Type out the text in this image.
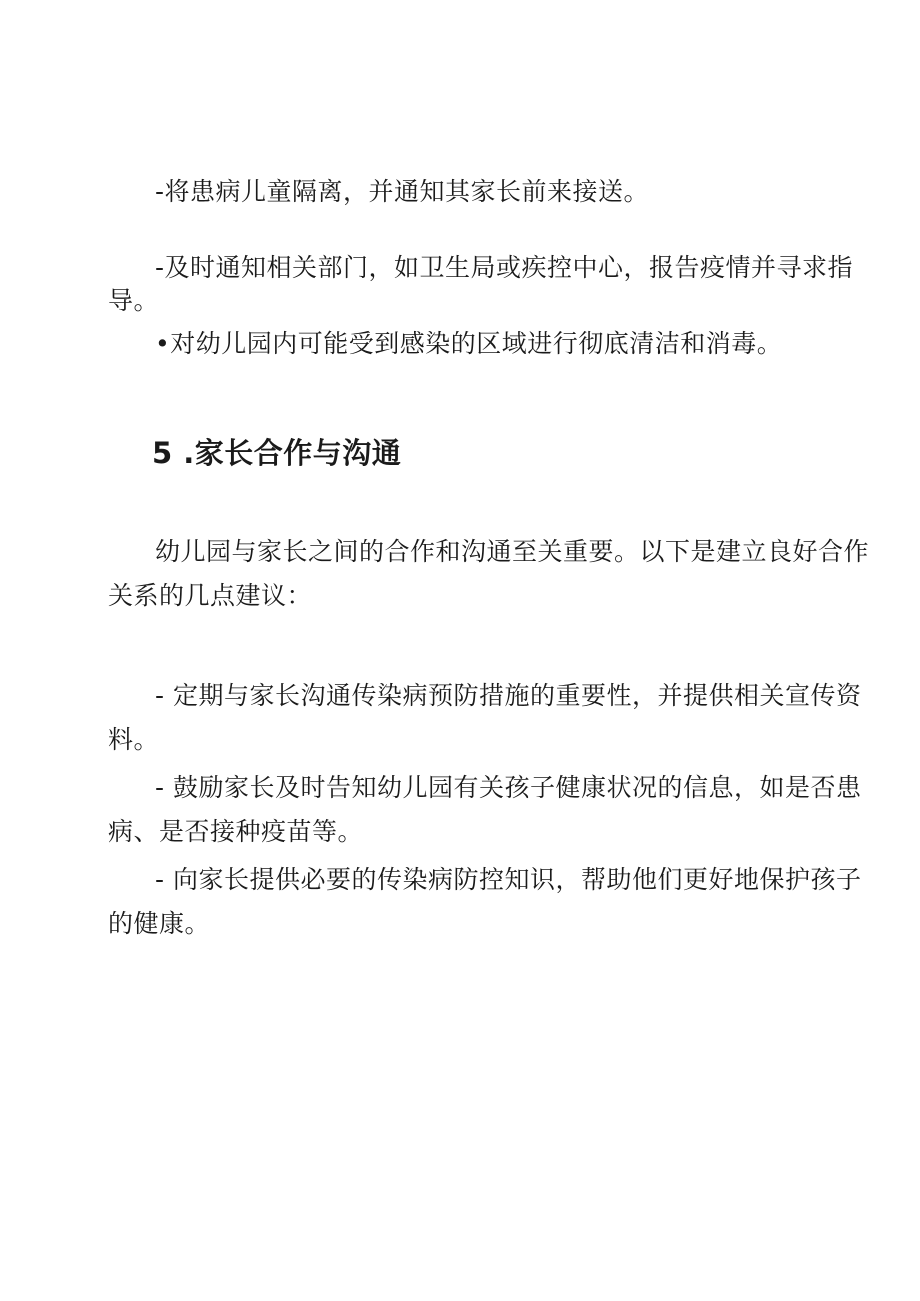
-将患病儿童隔离，并通知其家长前来接送。
-及时通知相关部门，如卫生局或疾控中心，报告疫情并寻求指
导。
•对幼儿园内可能受到感染的区域进行彻底清洁和消毒。
5 .家长合作与沟通
幼儿园与家长之间的合作和沟通至关重要。以下是建立良好合作
关系的几点建议：
- 定期与家长沟通传染病预防措施的重要性，并提供相关宣传资
料。
- 鼓励家长及时告知幼儿园有关孩子健康状况的信息，如是否患
病、是否接种疫苗等。
- 向家长提供必要的传染病防控知识，帮助他们更好地保护孩子
的健康。
